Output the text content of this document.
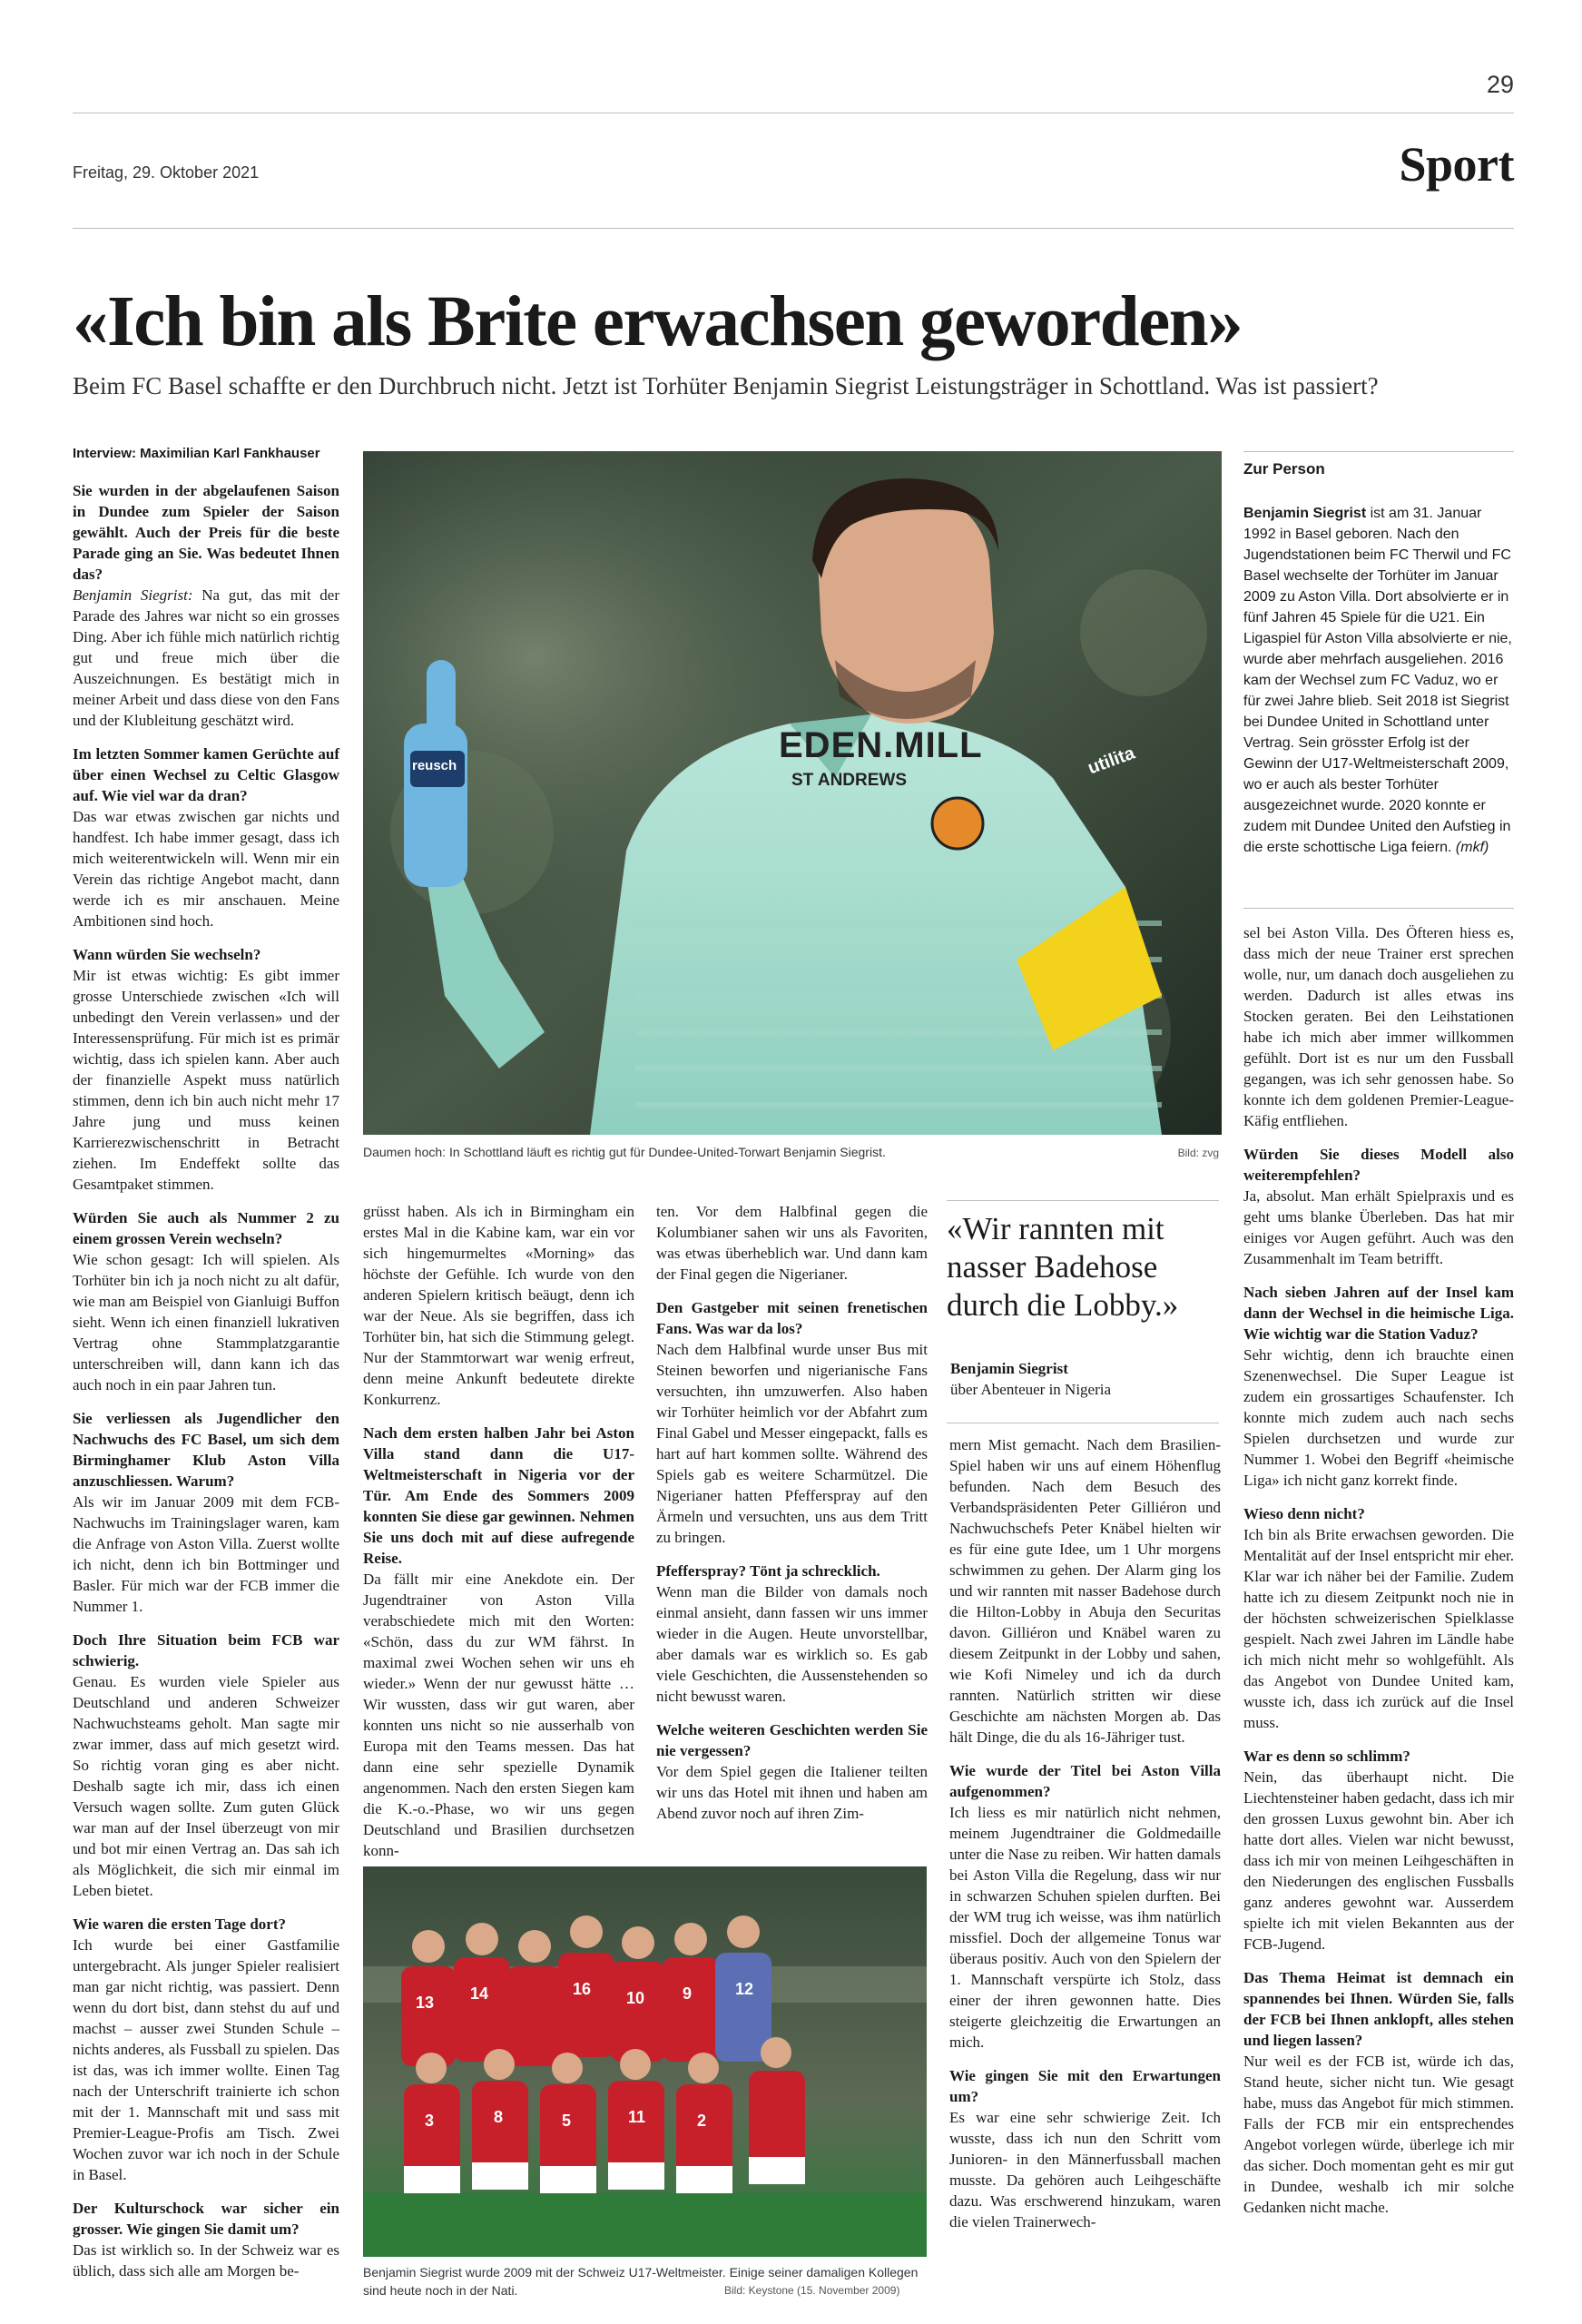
29
Freitag, 29. Oktober 2021	Sport
«Ich bin als Brite erwachsen geworden»
Beim FC Basel schaffte er den Durchbruch nicht. Jetzt ist Torhüter Benjamin Siegrist Leistungsträger in Schottland. Was ist passiert?
Interview: Maximilian Karl Fankhauser

Sie wurden in der abgelaufenen Saison in Dundee zum Spieler der Saison gewählt. Auch der Preis für die beste Parade ging an Sie. Was bedeutet Ihnen das?
Benjamin Siegrist: Na gut, das mit der Parade des Jahres war nicht so ein grosses Ding. Aber ich fühle mich natürlich richtig gut und freue mich über die Auszeichnungen. Es bestätigt mich in meiner Arbeit und dass diese von den Fans und der Klubleitung geschätzt wird.

Im letzten Sommer kamen Gerüchte auf über einen Wechsel zu Celtic Glasgow auf. Wie viel war da dran?
Das war etwas zwischen gar nichts und handfest. Ich habe immer gesagt, dass ich mich weiterentwickeln will. Wenn mir ein Verein das richtige Angebot macht, dann werde ich es mir anschauen. Meine Ambitionen sind hoch.

Wann würden Sie wechseln?
Mir ist etwas wichtig: Es gibt immer grosse Unterschiede zwischen «Ich will unbedingt den Verein verlassen» und der Interessensprüfung. Für mich ist es primär wichtig, dass ich spielen kann. Aber auch der finanzielle Aspekt muss natürlich stimmen, denn ich bin auch nicht mehr 17 Jahre jung und muss keinen Karrierezwischenschritt in Betracht ziehen. Im Endeffekt sollte das Gesamtpaket stimmen.

Würden Sie auch als Nummer 2 zu einem grossen Verein wechseln?
Wie schon gesagt: Ich will spielen. Als Torhüter bin ich ja noch nicht zu alt dafür, wie man am Beispiel von Gianluigi Buffon sieht. Wenn ich einen finanziell lukrativen Vertrag ohne Stammplatzgarantie unterschreiben will, dann kann ich das auch noch in ein paar Jahren tun.

Sie verliessen als Jugendlicher den Nachwuchs des FC Basel, um sich dem Birminghamer Klub Aston Villa anzuschliessen. Warum?
Als wir im Januar 2009 mit dem FCB-Nachwuchs im Trainingslager waren, kam die Anfrage von Aston Villa. Zuerst wollte ich nicht, denn ich bin Bottminger und Basler. Für mich war der FCB immer die Nummer 1.

Doch Ihre Situation beim FCB war schwierig.
Genau. Es wurden viele Spieler aus Deutschland und anderen Schweizer Nachwuchsteams geholt. Man sagte mir zwar immer, dass auf mich gesetzt wird. So richtig voran ging es aber nicht. Deshalb sagte ich mir, dass ich einen Versuch wagen sollte. Zum guten Glück war man auf der Insel überzeugt von mir und bot mir einen Vertrag an. Das sah ich als Möglichkeit, die sich mir einmal im Leben bietet.

Wie waren die ersten Tage dort?
Ich wurde bei einer Gastfamilie untergebracht. Als junger Spieler realisiert man gar nicht richtig, was passiert. Denn wenn du dort bist, dann stehst du auf und machst – ausser zwei Stunden Schule – nichts anderes, als Fussball zu spielen. Das ist das, was ich immer wollte. Einen Tag nach der Unterschrift trainierte ich schon mit der 1. Mannschaft mit und sass mit Premier-League-Profis am Tisch. Zwei Wochen zuvor war ich noch in der Schule in Basel.

Der Kulturschock war sicher ein grosser. Wie gingen Sie damit um?
Das ist wirklich so. In der Schweiz war es üblich, dass sich alle am Morgen be-

EDEN.MILL
ST ANDREWS
reusch	utilita
Daumen hoch: In Schottland läuft es richtig gut für Dundee-United-Torwart Benjamin Siegrist.	Bild: zvg
Zur Person
Benjamin Siegrist ist am 31. Januar 1992 in Basel geboren. Nach den Jugendstationen beim FC Therwil und FC Basel wechselte der Torhüter im Januar 2009 zu Aston Villa. Dort absolvierte er in fünf Jahren 45 Spiele für die U21. Ein Ligaspiel für Aston Villa absolvierte er nie, wurde aber mehrfach ausgeliehen. 2016 kam der Wechsel zum FC Vaduz, wo er für zwei Jahre blieb. Seit 2018 ist Siegrist bei Dundee United in Schottland unter Vertrag. Sein grösster Erfolg ist der Gewinn der U17-Weltmeisterschaft 2009, wo er auch als bester Torhüter ausgezeichnet wurde. 2020 konnte er zudem mit Dundee United den Aufstieg in die erste schottische Liga feiern. (mkf)

sel bei Aston Villa. Des Öfteren hiess es, dass mich der neue Trainer erst sprechen wolle, nur, um danach doch ausgeliehen zu werden. Dadurch ist alles etwas ins Stocken geraten. Bei den Leihstationen habe ich mich aber immer willkommen gefühlt. Dort ist es nur um den Fussball gegangen, was ich sehr genossen habe. So konnte ich dem goldenen Premier-League-Käfig entfliehen.

Würden Sie dieses Modell also weiterempfehlen?
Ja, absolut. Man erhält Spielpraxis und es geht ums blanke Überleben. Das hat mir einiges vor Augen geführt. Auch was den Zusammenhalt im Team betrifft.

Nach sieben Jahren auf der Insel kam dann der Wechsel in die heimische Liga. Wie wichtig war die Station Vaduz?
Sehr wichtig, denn ich brauchte einen Szenenwechsel. Die Super League ist zudem ein grossartiges Schaufenster. Ich konnte mich zudem auch nach sechs Spielen durchsetzen und wurde zur Nummer 1. Wobei den Begriff «heimische Liga» ich nicht ganz korrekt finde.

Wieso denn nicht?
Ich bin als Brite erwachsen geworden. Die Mentalität auf der Insel entspricht mir eher. Klar war ich näher bei der Familie. Zudem hatte ich zu diesem Zeitpunkt noch nie in der höchsten schweizerischen Spielklasse gespielt. Nach zwei Jahren im Ländle habe ich mich nicht mehr so wohlgefühlt. Als das Angebot von Dundee United kam, wusste ich, dass ich zurück auf die Insel muss.

War es denn so schlimm?
Nein, das überhaupt nicht. Die Liechtensteiner haben gedacht, dass ich mir den grossen Luxus gewohnt bin. Aber ich hatte dort alles. Vielen war nicht bewusst, dass ich mir von meinen Leihgeschäften in den Niederungen des englischen Fussballs ganz anderes gewohnt war. Ausserdem spielte ich mit vielen Bekannten aus der FCB-Jugend.

Das Thema Heimat ist demnach ein spannendes bei Ihnen. Würden Sie, falls der FCB bei Ihnen anklopft, alles stehen und liegen lassen?
Nur weil es der FCB ist, würde ich das, Stand heute, sicher nicht tun. Wie gesagt habe, muss das Angebot für mich stimmen. Falls der FCB mir ein entsprechendes Angebot vorlegen würde, überlege ich mir das sicher. Doch momentan geht es mir gut in Dundee, weshalb ich mir solche Gedanken nicht mache.

grüsst haben. Als ich in Birmingham ein erstes Mal in die Kabine kam, war ein vor sich hingemurmeltes «Morning» das höchste der Gefühle. Ich wurde von den anderen Spielern kritisch beäugt, denn ich war der Neue. Als sie begriffen, dass ich Torhüter bin, hat sich die Stimmung gelegt. Nur der Stammtorwart war wenig erfreut, denn meine Ankunft bedeutete direkte Konkurrenz.

Nach dem ersten halben Jahr bei Aston Villa stand dann die U17-Weltmeisterschaft in Nigeria vor der Tür. Am Ende des Sommers 2009 konnten Sie diese gar gewinnen. Nehmen Sie uns doch mit auf diese aufregende Reise.
Da fällt mir eine Anekdote ein. Der Jugendtrainer von Aston Villa verabschiedete mich mit den Worten: «Schön, dass du zur WM fährst. In maximal zwei Wochen sehen wir uns eh wieder.» Wenn der nur gewusst hätte … Wir wussten, dass wir gut waren, aber konnten uns nicht so nie ausserhalb von Europa mit den Teams messen. Das hat dann eine sehr spezielle Dynamik angenommen. Nach den ersten Siegen kam die K.-o.-Phase, wo wir uns gegen Deutschland und Brasilien durchsetzen konn-

ten. Vor dem Halbfinal gegen die Kolumbianer sahen wir uns als Favoriten, was etwas überheblich war. Und dann kam der Final gegen die Nigerianer.

Den Gastgeber mit seinen frenetischen Fans. Was war da los?
Nach dem Halbfinal wurde unser Bus mit Steinen beworfen und nigerianische Fans versuchten, ihn umzuwerfen. Also haben wir Torhüter heimlich vor der Abfahrt zum Final Gabel und Messer eingepackt, falls es hart auf hart kommen sollte. Während des Spiels gab es weitere Scharmützel. Die Nigerianer hatten Pfefferspray auf den Ärmeln und versuchten, uns aus dem Tritt zu bringen.

Pfefferspray? Tönt ja schrecklich.
Wenn man die Bilder von damals noch einmal ansieht, dann fassen wir uns immer wieder in die Augen. Heute unvorstellbar, aber damals war es wirklich so. Es gab viele Geschichten, die Aussenstehenden so nicht bewusst waren.

Welche weiteren Geschichten werden Sie nie vergessen?
Vor dem Spiel gegen die Italiener teilten wir uns das Hotel mit ihnen und haben am Abend zuvor noch auf ihren Zim-

«Wir rannten mit nasser Badehose durch die Lobby.»
Benjamin Siegrist
über Abenteuer in Nigeria

mern Mist gemacht. Nach dem Brasilien-Spiel haben wir uns auf einem Höhenflug befunden. Nach dem Besuch des Verbandspräsidenten Peter Gilliéron und Nachwuchschefs Peter Knäbel hielten wir es für eine gute Idee, um 1 Uhr morgens schwimmen zu gehen. Der Alarm ging los und wir rannten mit nasser Badehose durch die Hilton-Lobby in Abuja den Securitas davon. Gilliéron und Knäbel waren zu diesem Zeitpunkt in der Lobby und sahen, wie Kofi Nimeley und ich da durch rannten. Natürlich stritten wir diese Geschichte am nächsten Morgen ab. Das hält Dinge, die du als 16-Jähriger tust.

Wie wurde der Titel bei Aston Villa aufgenommen?
Ich liess es mir natürlich nicht nehmen, meinem Jugendtrainer die Goldmedaille unter die Nase zu reiben. Wir hatten damals bei Aston Villa die Regelung, dass wir nur in schwarzen Schuhen spielen durften. Bei der WM trug ich weisse, was ihm natürlich missfiel. Doch der allgemeine Tonus war überaus positiv. Auch von den Spielern der 1. Mannschaft verspürte ich Stolz, dass einer der ihren gewonnen hatte. Dies steigerte gleichzeitig die Erwartungen an mich.

Wie gingen Sie mit den Erwartungen um?
Es war eine sehr schwierige Zeit. Ich wusste, dass ich nun den Schritt vom Junioren- in den Männerfussball machen musste. Da gehören auch Leihgeschäfte dazu. Was erschwerend hinzukam, waren die vielen Trainerwech-

13 14	16 10 9	12
3	8	5	11	2
Benjamin Siegrist wurde 2009 mit der Schweiz U17-Weltmeister. Einige seiner damaligen Kollegen sind heute noch in der Nati.	Bild: Keystone (15. November 2009)
